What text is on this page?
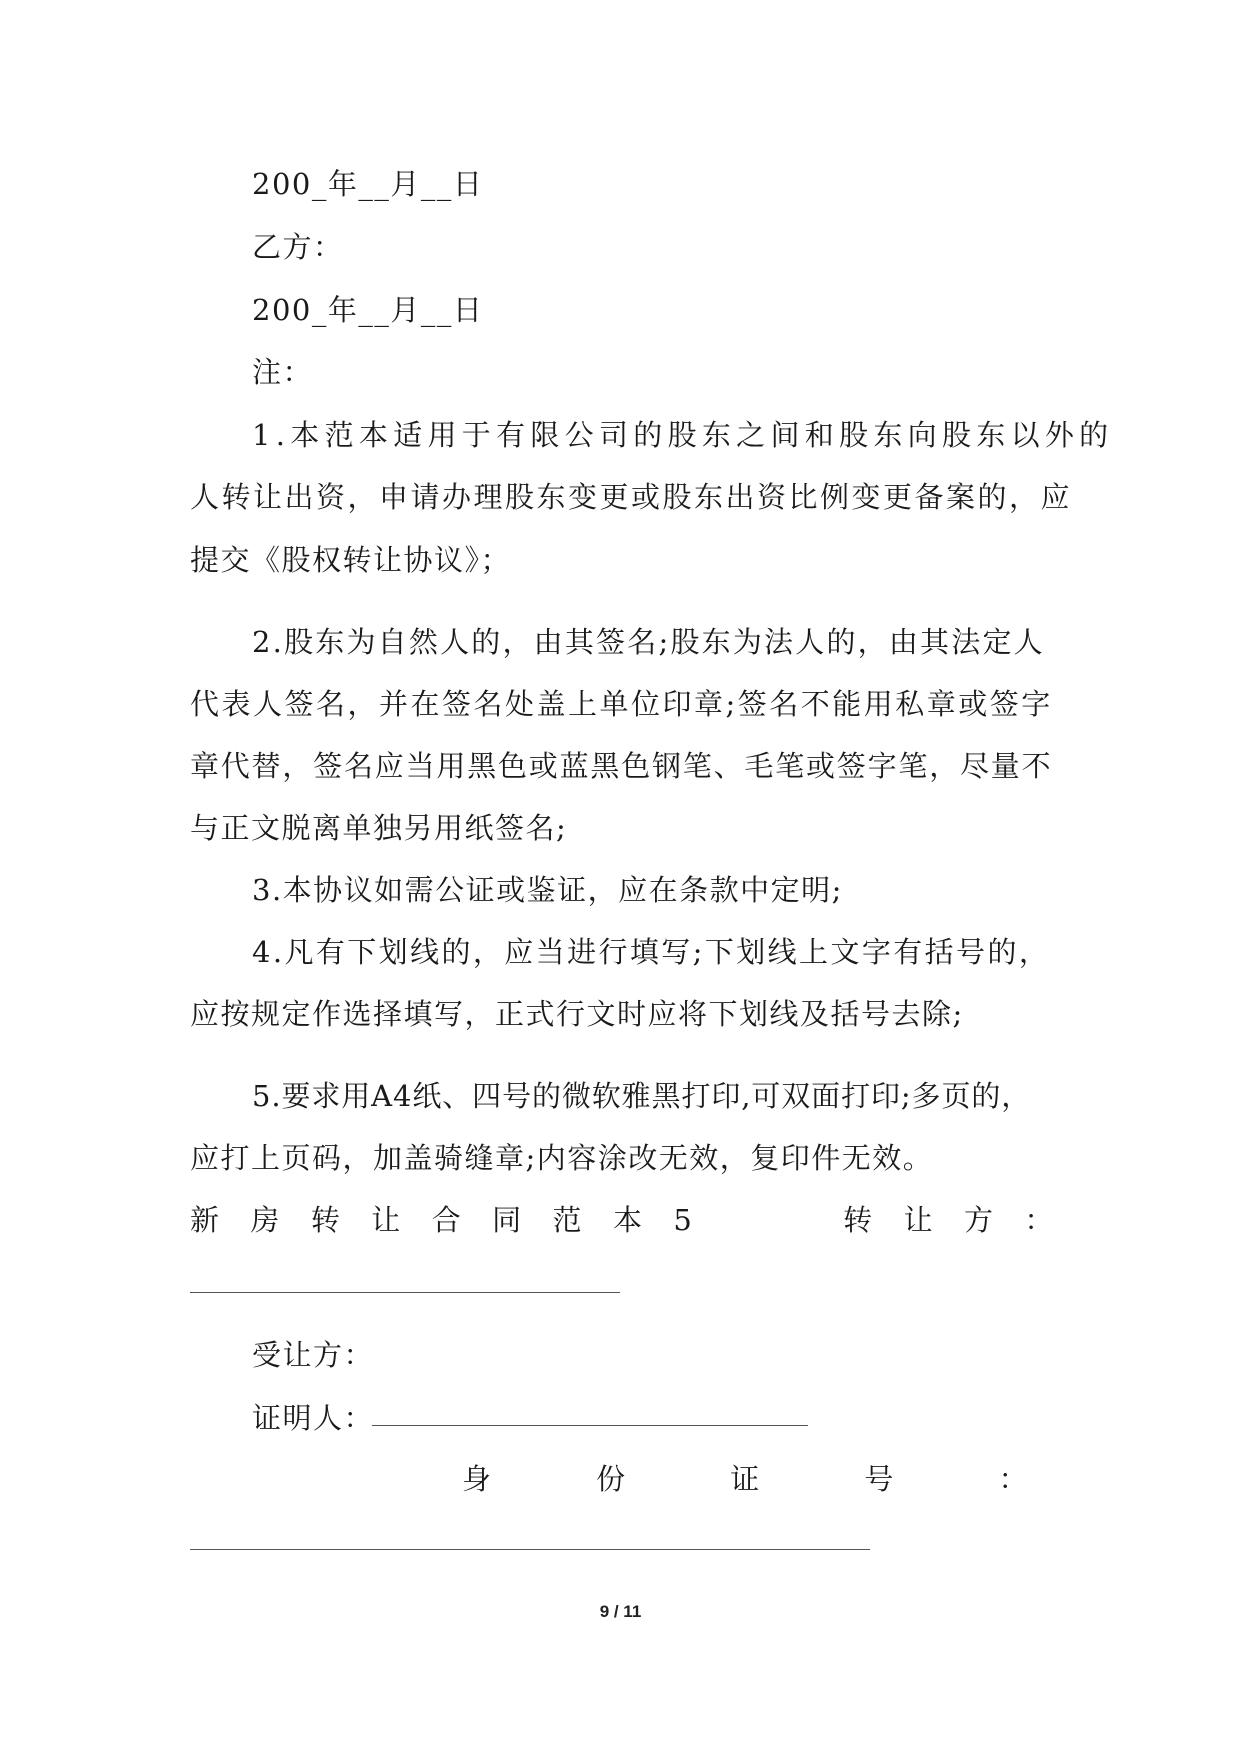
200_年__月__日
乙方：
200_年__月__日
注：
1.本范本适用于有限公司的股东之间和股东向股东以外的
人转让出资，申请办理股东变更或股东出资比例变更备案的，应
提交《股权转让协议》；
2.股东为自然人的，由其签名;股东为法人的，由其法定人
代表人签名，并在签名处盖上单位印章;签名不能用私章或签字
章代替，签名应当用黑色或蓝黑色钢笔、毛笔或签字笔，尽量不
与正文脱离单独另用纸签名;
3.本协议如需公证或鉴证，应在条款中定明;
4.凡有下划线的，应当进行填写;下划线上文字有括号的，
应按规定作选择填写，正式行文时应将下划线及括号去除;
5.要求用A4纸、四号的微软雅黑打印,可双面打印;多页的，
应打上页码，加盖骑缝章;内容涂改无效，复印件无效。
新 房 转 让 合 同 范 本 5	转 让 方 ：
受让方：
证明人：
身	份	证	号	：
9 / 11
